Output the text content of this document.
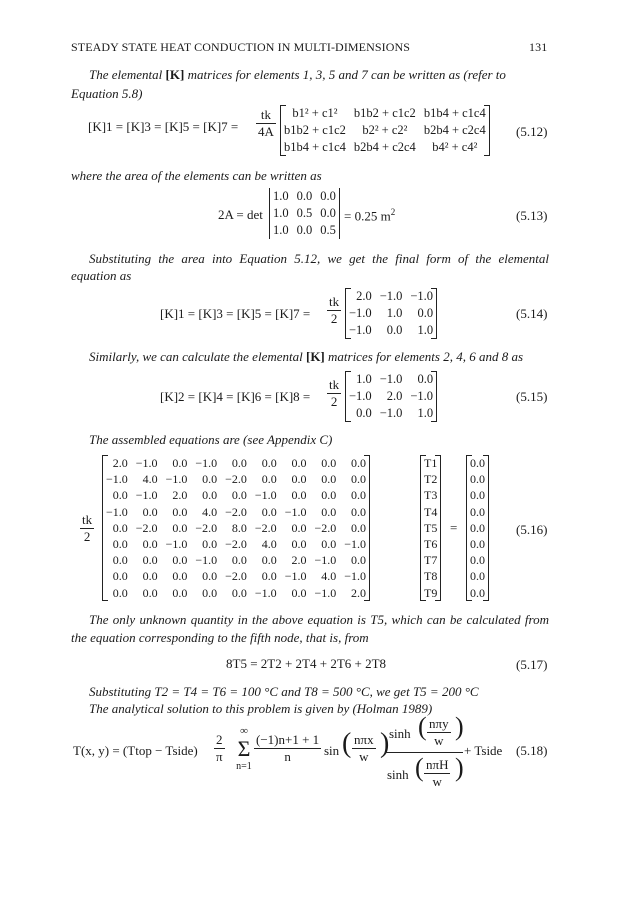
STEADY STATE HEAT CONDUCTION IN MULTI-DIMENSIONS	131
The elemental [K] matrices for elements 1, 3, 5 and 7 can be written as (refer to
Equation 5.8)
$[K]1 = [K]3 = [K]5 = [K]7 = \frac{tk}{4A} b1^2 + c1^2$	b1b2 + c1c2	b1b4 + c1c4
b1b2 + c1c2	b2² + c2²	b2b4 + c2c4
b1b4 + c1c4	b2b4 + c2c4	b4² + c4²
(5.12)
where the area of the elements can be written as
2A = det
1.0	0.0	0.0
1.0	0.5	0.0
1.0	0.0	0.5
= 0.25 $m^2$	(5.13)
Substituting the area into Equation 5.12, we get the final form of the elemental
equation as
$[K]1 = [K]3 = [K]5 = [K]7 = \frac{tk}{2} 2.0$	−1.0	−1.0
−1.0	1.0	0.0
−1.0	0.0	1.0
(5.14)
Similarly, we can calculate the elemental [K] matrices for elements 2, 4, 6 and 8 as
$[K]2 = [K]4 = [K]6 = [K]8 = \frac{tk}{2} 1.0$	−1.0	0.0
−1.0	2.0	−1.0
0.0	−1.0	1.0
(5.15)
The assembled equations are (see Appendix C)
$\frac{tk}{2}$
2.0	−1.0	0.0	−1.0	0.0	0.0	0.0	0.0	0.0
−1.0	4.0	−1.0	0.0	−2.0	0.0	0.0	0.0	0.0
0.0	−1.0	2.0	0.0	0.0	−1.0	0.0	0.0	0.0
−1.0	0.0	0.0	4.0	−2.0	0.0	−1.0	0.0	0.0
0.0	−2.0	0.0	−2.0	8.0	−2.0	0.0	−2.0	0.0
0.0	0.0	−1.0	0.0	−2.0	4.0	0.0	0.0	−1.0
0.0	0.0	0.0	−1.0	0.0	0.0	2.0	−1.0	0.0
0.0	0.0	0.0	0.0	−2.0	0.0	−1.0	4.0	−1.0
0.0	0.0	0.0	0.0	0.0	−1.0	0.0	−1.0	2.0
T1
T2
T3
T4
T5
T6
T7
T8
T9
=
0.0
0.0
0.0
0.0
0.0
0.0
0.0
0.0
0.0
(5.16)
The only unknown quantity in the above equation is T5, which can be calculated from
the equation corresponding to the fifth node, that is, from
8T5 = 2T2 + 2T4 + 2T6 + 2T8	(5.17)
Substituting T2 = T4 = T6 = 100 °C and T8 = 500 °C, we get T5 = 200 °C
The analytical solution to this problem is given by (Holman 1989)
T(x, y) = (Ttop − Tside) $\frac{2}{\pi}$
∞
Σ
n=1
$\frac{(-1)n+1 + 1}{n}$ sin ( $\frac{\text{nπx}}{w}$ ) sinh ( $\frac{\text{nπy}}{w}$ )
sinh ( $\frac{\text{nπH}}{w}$ )
+ Tside (5.18)
